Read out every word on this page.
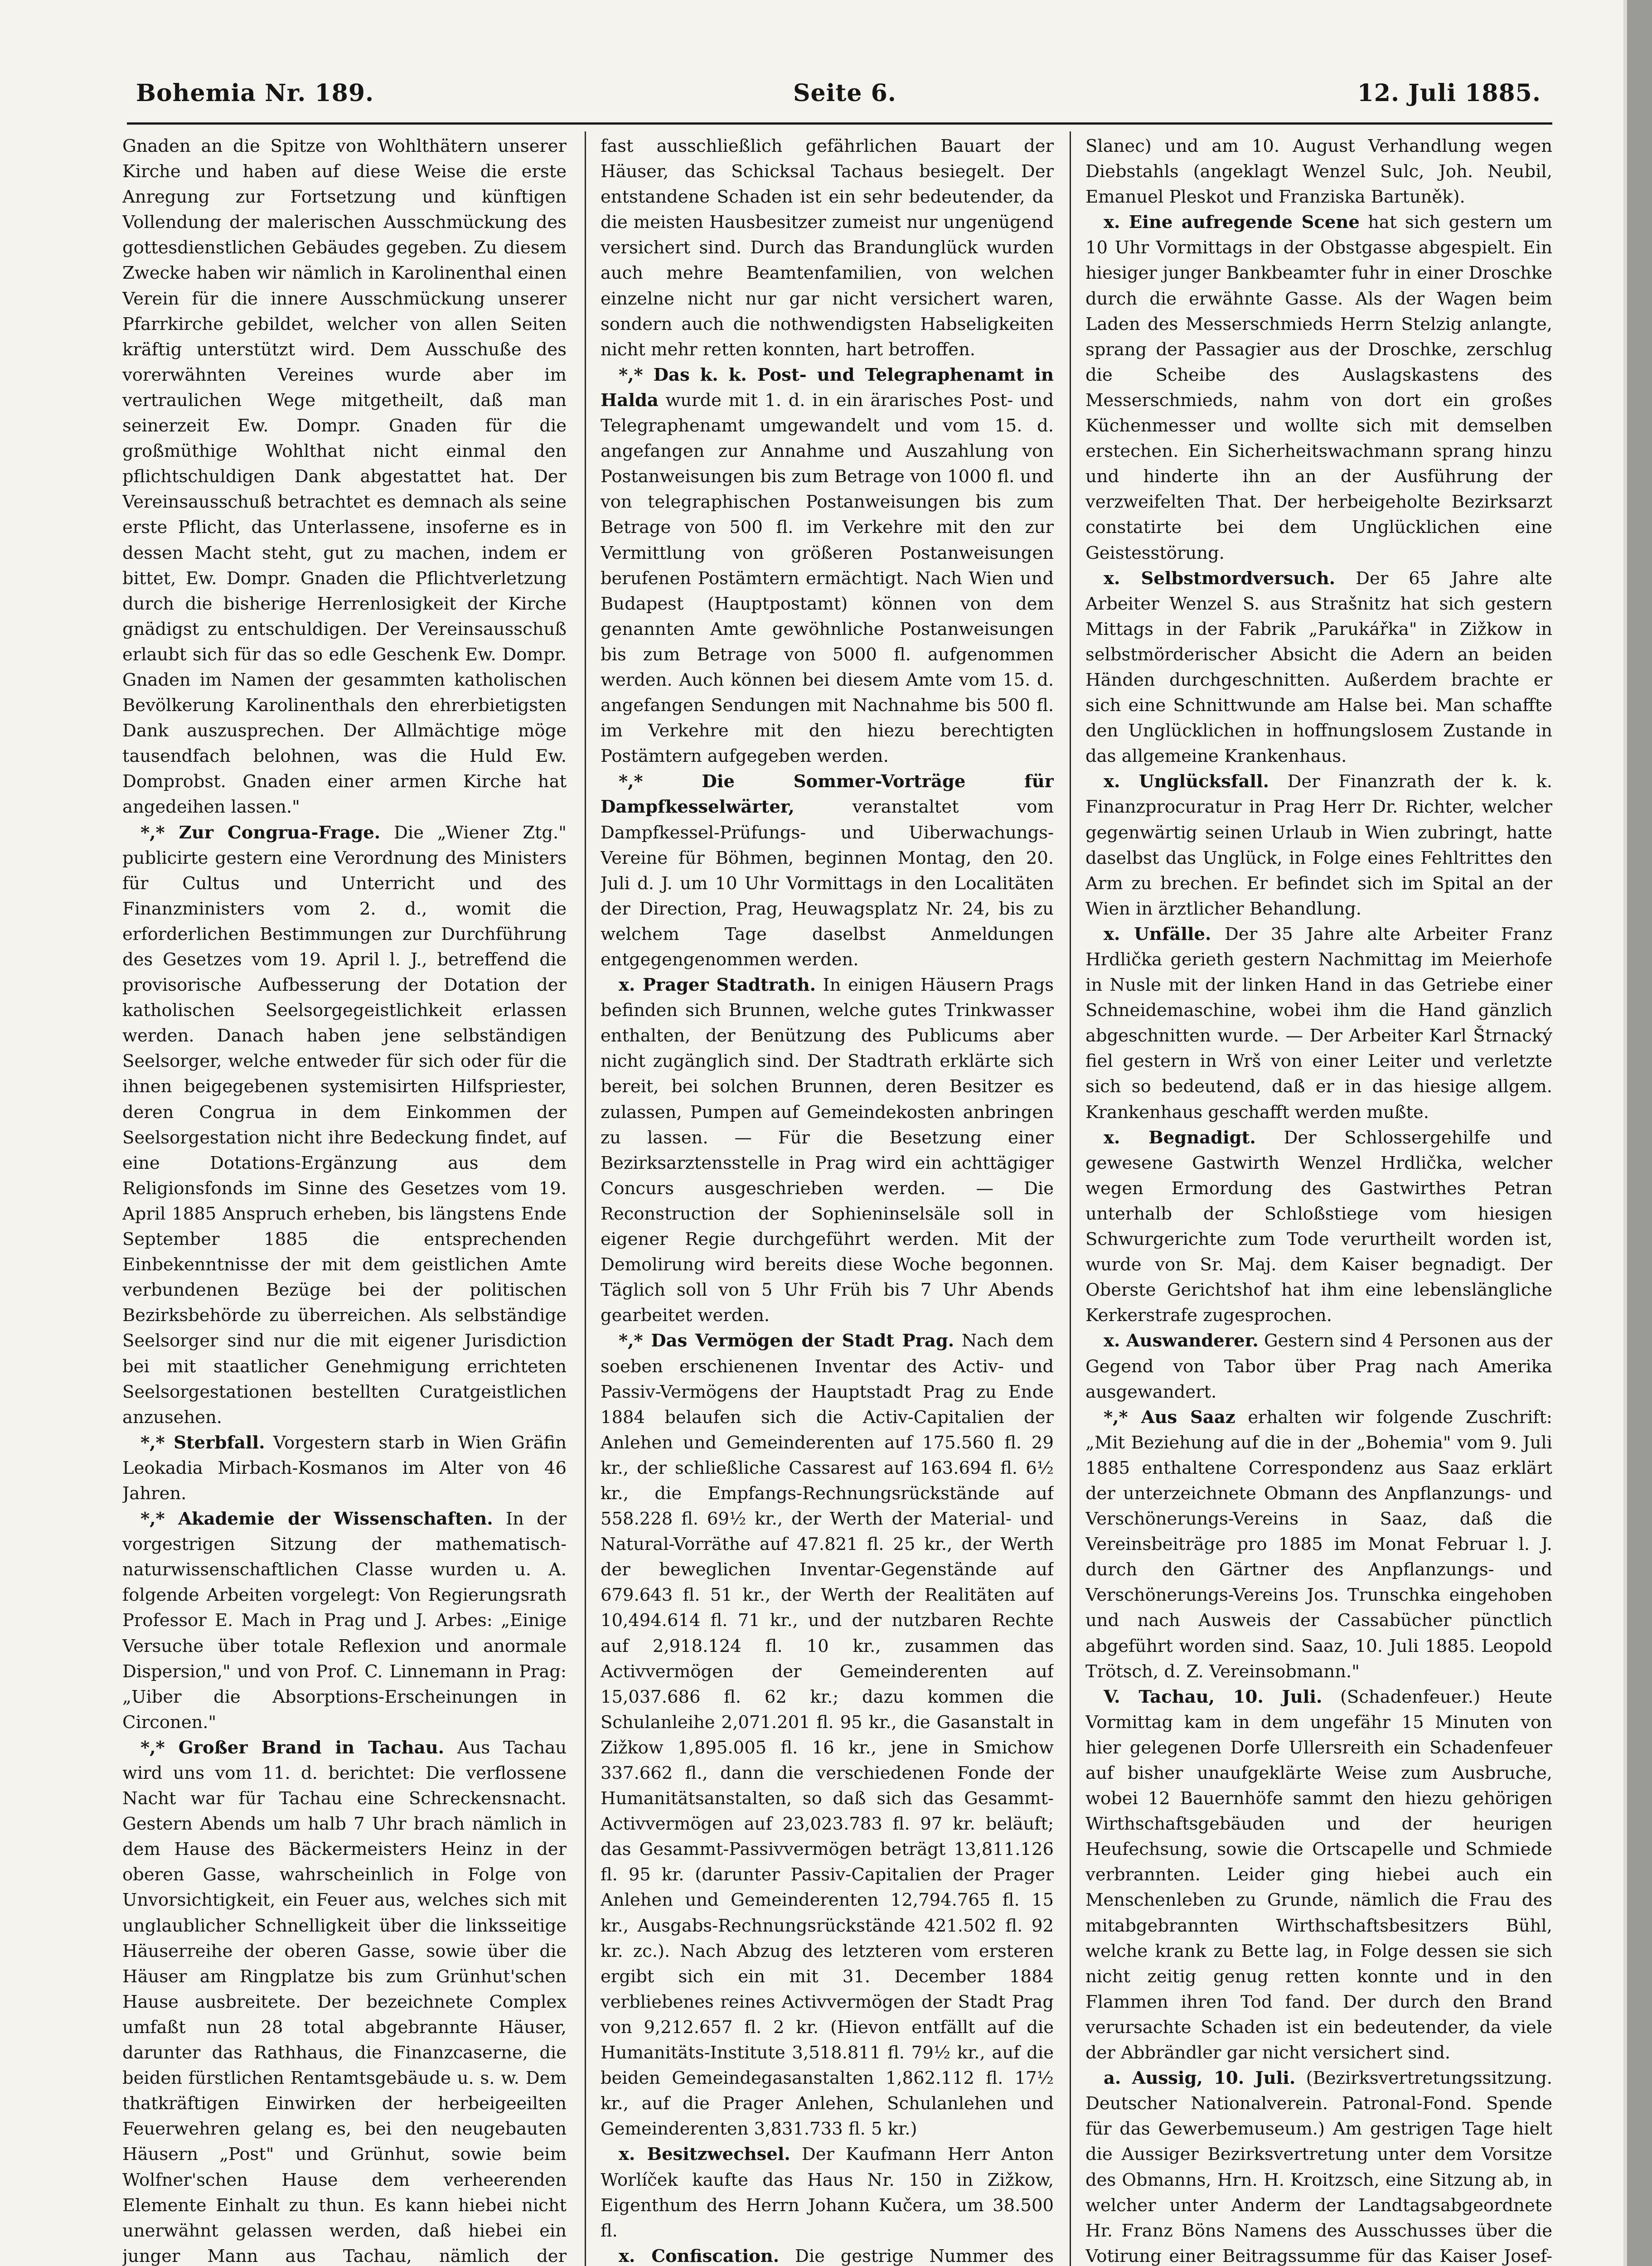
Bohemia Nr. 189.	Seite 6.	12. Juli 1885.

Gnaden an die Spitze von Wohlthätern unserer Kirche und haben auf diese Weise die erste Anregung zur Fortsetzung und künftigen Vollendung der malerischen Ausschmückung des gottesdienstlichen Gebäudes gegeben. Zu diesem Zwecke haben wir nämlich in Karolinenthal einen Verein für die innere Ausschmückung unserer Pfarrkirche gebildet, welcher von allen Seiten kräftig unterstützt wird. Dem Ausschuße des vorerwähnten Vereines wurde aber im vertraulichen Wege mitgetheilt, daß man seinerzeit Ew. Dompr. Gnaden für die großmüthige Wohlthat nicht einmal den pflichtschuldigen Dank abgestattet hat. Der Vereinsausschuß betrachtet es demnach als seine erste Pflicht, das Unterlassene, insoferne es in dessen Macht steht, gut zu machen, indem er bittet, Ew. Dompr. Gnaden die Pflichtverletzung durch die bisherige Herrenlosigkeit der Kirche gnädigst zu entschuldigen. Der Vereinsausschuß erlaubt sich für das so edle Geschenk Ew. Dompr. Gnaden im Namen der gesammten katholischen Bevölkerung Karolinenthals den ehrerbietigsten Dank auszusprechen. Der Allmächtige möge tausendfach belohnen, was die Huld Ew. Domprobst. Gnaden einer armen Kirche hat angedeihen lassen."

*,* Zur Congrua-Frage. Die „Wiener Ztg." publicirte gestern eine Verordnung des Ministers für Cultus und Unterricht und des Finanzministers vom 2. d., womit die erforderlichen Bestimmungen zur Durchführung des Gesetzes vom 19. April l. J., betreffend die provisorische Aufbesserung der Dotation der katholischen Seelsorgegeistlichkeit erlassen werden. Danach haben jene selbständigen Seelsorger, welche entweder für sich oder für die ihnen beigegebenen systemisirten Hilfspriester, deren Congrua in dem Einkommen der Seelsorgestation nicht ihre Bedeckung findet, auf eine Dotations-Ergänzung aus dem Religionsfonds im Sinne des Gesetzes vom 19. April 1885 Anspruch erheben, bis längstens Ende September 1885 die entsprechenden Einbekenntnisse der mit dem geistlichen Amte verbundenen Bezüge bei der politischen Bezirksbehörde zu überreichen. Als selbständige Seelsorger sind nur die mit eigener Jurisdiction bei mit staatlicher Genehmigung errichteten Seelsorgestationen bestellten Curatgeistlichen anzusehen.

*,* Sterbfall. Vorgestern starb in Wien Gräfin Leokadia Mirbach-Kosmanos im Alter von 46 Jahren.

*,* Akademie der Wissenschaften. In der vorgestrigen Sitzung der mathematisch-naturwissenschaftlichen Classe wurden u. A. folgende Arbeiten vorgelegt: Von Regierungsrath Professor E. Mach in Prag und J. Arbes: „Einige Versuche über totale Reflexion und anormale Dispersion," und von Prof. C. Linnemann in Prag: „Uiber die Absorptions-Erscheinungen in Circonen."

*,* Großer Brand in Tachau. Aus Tachau wird uns vom 11. d. berichtet: Die verflossene Nacht war für Tachau eine Schreckensnacht. Gestern Abends um halb 7 Uhr brach nämlich in dem Hause des Bäckermeisters Heinz in der oberen Gasse, wahrscheinlich in Folge von Unvorsichtigkeit, ein Feuer aus, welches sich mit unglaublicher Schnelligkeit über die linksseitige Häuserreihe der oberen Gasse, sowie über die Häuser am Ringplatze bis zum Grünhut'schen Hause ausbreitete. Der bezeichnete Complex umfaßt nun 28 total abgebrannte Häuser, darunter das Rathhaus, die Finanzcaserne, die beiden fürstlichen Rentamtsgebäude u. s. w. Dem thatkräftigen Einwirken der herbeigeeilten Feuerwehren gelang es, bei den neugebauten Häusern „Post" und Grünhut, sowie beim Wolfner'schen Hause dem verheerenden Elemente Einhalt zu thun. Es kann hiebei nicht unerwähnt gelassen werden, daß hiebei ein junger Mann aus Tachau, nämlich der

fast ausschließlich gefährlichen Bauart der Häuser, das Schicksal Tachaus besiegelt. Der entstandene Schaden ist ein sehr bedeutender, da die meisten Hausbesitzer zumeist nur ungenügend versichert sind. Durch das Brandunglück wurden auch mehre Beamtenfamilien, von welchen einzelne nicht nur gar nicht versichert waren, sondern auch die nothwendigsten Habseligkeiten nicht mehr retten konnten, hart betroffen.

*,* Das k. k. Post- und Telegraphenamt in Halda wurde mit 1. d. in ein ärarisches Post- und Telegraphenamt umgewandelt und vom 15. d. angefangen zur Annahme und Auszahlung von Postanweisungen bis zum Betrage von 1000 fl. und von telegraphischen Postanweisungen bis zum Betrage von 500 fl. im Verkehre mit den zur Vermittlung von größeren Postanweisungen berufenen Postämtern ermächtigt. Nach Wien und Budapest (Hauptpostamt) können von dem genannten Amte gewöhnliche Postanweisungen bis zum Betrage von 5000 fl. aufgenommen werden. Auch können bei diesem Amte vom 15. d. angefangen Sendungen mit Nachnahme bis 500 fl. im Verkehre mit den hiezu berechtigten Postämtern aufgegeben werden.

*,* Die Sommer-Vorträge für Dampfkesselwärter, veranstaltet vom Dampfkessel-Prüfungs- und Uiberwachungs-Vereine für Böhmen, beginnen Montag, den 20. Juli d. J. um 10 Uhr Vormittags in den Localitäten der Direction, Prag, Heuwagsplatz Nr. 24, bis zu welchem Tage daselbst Anmeldungen entgegengenommen werden.

x. Prager Stadtrath. In einigen Häusern Prags befinden sich Brunnen, welche gutes Trinkwasser enthalten, der Benützung des Publicums aber nicht zugänglich sind. Der Stadtrath erklärte sich bereit, bei solchen Brunnen, deren Besitzer es zulassen, Pumpen auf Gemeindekosten anbringen zu lassen. — Für die Besetzung einer Bezirksarztensstelle in Prag wird ein achttägiger Concurs ausgeschrieben werden. — Die Reconstruction der Sophieninselsäle soll in eigener Regie durchgeführt werden. Mit der Demolirung wird bereits diese Woche begonnen. Täglich soll von 5 Uhr Früh bis 7 Uhr Abends gearbeitet werden.

*,* Das Vermögen der Stadt Prag. Nach dem soeben erschienenen Inventar des Activ- und Passiv-Vermögens der Hauptstadt Prag zu Ende 1884 belaufen sich die Activ-Capitalien der Anlehen und Gemeinderenten auf 175.560 fl. 29 kr., der schließliche Cassarest auf 163.694 fl. 6½ kr., die Empfangs-Rechnungsrückstände auf 558.228 fl. 69½ kr., der Werth der Material- und Natural-Vorräthe auf 47.821 fl. 25 kr., der Werth der beweglichen Inventar-Gegenstände auf 679.643 fl. 51 kr., der Werth der Realitäten auf 10,494.614 fl. 71 kr., und der nutzbaren Rechte auf 2,918.124 fl. 10 kr., zusammen das Activvermögen der Gemeinderenten auf 15,037.686 fl. 62 kr.; dazu kommen die Schulanleihe 2,071.201 fl. 95 kr., die Gasanstalt in Zižkow 1,895.005 fl. 16 kr., jene in Smichow 337.662 fl., dann die verschiedenen Fonde der Humanitätsanstalten, so daß sich das Gesammt-Activvermögen auf 23,023.783 fl. 97 kr. beläuft; das Gesammt-Passivvermögen beträgt 13,811.126 fl. 95 kr. (darunter Passiv-Capitalien der Prager Anlehen und Gemeinderenten 12,794.765 fl. 15 kr., Ausgabs-Rechnungsrückstände 421.502 fl. 92 kr. zc.). Nach Abzug des letzteren vom ersteren ergibt sich ein mit 31. December 1884 verbliebenes reines Activvermögen der Stadt Prag von 9,212.657 fl. 2 kr. (Hievon entfällt auf die Humanitäts-Institute 3,518.811 fl. 79½ kr., auf die beiden Gemeindegasanstalten 1,862.112 fl. 17½ kr., auf die Prager Anlehen, Schulanlehen und Gemeinderenten 3,831.733 fl. 5 kr.)

x. Besitzwechsel. Der Kaufmann Herr Anton Worlíček kaufte das Haus Nr. 150 in Zižkow, Eigenthum des Herrn Johann Kučera, um 38.500 fl.

x. Confiscation. Die gestrige Nummer des

Slanec) und am 10. August Verhandlung wegen Diebstahls (angeklagt Wenzel Sulc, Joh. Neubil, Emanuel Pleskot und Franziska Bartuněk).

x. Eine aufregende Scene hat sich gestern um 10 Uhr Vormittags in der Obstgasse abgespielt. Ein hiesiger junger Bankbeamter fuhr in einer Droschke durch die erwähnte Gasse. Als der Wagen beim Laden des Messerschmieds Herrn Stelzig anlangte, sprang der Passagier aus der Droschke, zerschlug die Scheibe des Auslagskastens des Messerschmieds, nahm von dort ein großes Küchenmesser und wollte sich mit demselben erstechen. Ein Sicherheitswachmann sprang hinzu und hinderte ihn an der Ausführung der verzweifelten That. Der herbeigeholte Bezirksarzt constatirte bei dem Unglücklichen eine Geistesstörung.

x. Selbstmordversuch. Der 65 Jahre alte Arbeiter Wenzel S. aus Strašnitz hat sich gestern Mittags in der Fabrik „Parukářka" in Zižkow in selbstmörderischer Absicht die Adern an beiden Händen durchgeschnitten. Außerdem brachte er sich eine Schnittwunde am Halse bei. Man schaffte den Unglücklichen in hoffnungslosem Zustande in das allgemeine Krankenhaus.

x. Unglücksfall. Der Finanzrath der k. k. Finanzprocuratur in Prag Herr Dr. Richter, welcher gegenwärtig seinen Urlaub in Wien zubringt, hatte daselbst das Unglück, in Folge eines Fehltrittes den Arm zu brechen. Er befindet sich im Spital an der Wien in ärztlicher Behandlung.

x. Unfälle. Der 35 Jahre alte Arbeiter Franz Hrdlička gerieth gestern Nachmittag im Meierhofe in Nusle mit der linken Hand in das Getriebe einer Schneidemaschine, wobei ihm die Hand gänzlich abgeschnitten wurde. — Der Arbeiter Karl Štrnacký fiel gestern in Wrš von einer Leiter und verletzte sich so bedeutend, daß er in das hiesige allgem. Krankenhaus geschafft werden mußte.

x. Begnadigt. Der Schlossergehilfe und gewesene Gastwirth Wenzel Hrdlička, welcher wegen Ermordung des Gastwirthes Petran unterhalb der Schloßstiege vom hiesigen Schwurgerichte zum Tode verurtheilt worden ist, wurde von Sr. Maj. dem Kaiser begnadigt. Der Oberste Gerichtshof hat ihm eine lebenslängliche Kerkerstrafe zugesprochen.

x. Auswanderer. Gestern sind 4 Personen aus der Gegend von Tabor über Prag nach Amerika ausgewandert.

*,* Aus Saaz erhalten wir folgende Zuschrift: „Mit Beziehung auf die in der „Bohemia" vom 9. Juli 1885 enthaltene Correspondenz aus Saaz erklärt der unterzeichnete Obmann des Anpflanzungs- und Verschönerungs-Vereins in Saaz, daß die Vereinsbeiträge pro 1885 im Monat Februar l. J. durch den Gärtner des Anpflanzungs- und Verschönerungs-Vereins Jos. Trunschka eingehoben und nach Ausweis der Cassabücher pünctlich abgeführt worden sind. Saaz, 10. Juli 1885. Leopold Trötsch, d. Z. Vereinsobmann."

V. Tachau, 10. Juli. (Schadenfeuer.) Heute Vormittag kam in dem ungefähr 15 Minuten von hier gelegenen Dorfe Ullersreith ein Schadenfeuer auf bisher unaufgeklärte Weise zum Ausbruche, wobei 12 Bauernhöfe sammt den hiezu gehörigen Wirthschaftsgebäuden und der heurigen Heufechsung, sowie die Ortscapelle und Schmiede verbrannten. Leider ging hiebei auch ein Menschenleben zu Grunde, nämlich die Frau des mitabgebrannten Wirthschaftsbesitzers Bühl, welche krank zu Bette lag, in Folge dessen sie sich nicht zeitig genug retten konnte und in den Flammen ihren Tod fand. Der durch den Brand verursachte Schaden ist ein bedeutender, da viele der Abbrändler gar nicht versichert sind.

a. Aussig, 10. Juli. (Bezirksvertretungssitzung. Deutscher Nationalverein. Patronal-Fond. Spende für das Gewerbemuseum.) Am gestrigen Tage hielt die Aussiger Bezirksvertretung unter dem Vorsitze des Obmanns, Hrn. H. Kroitzsch, eine Sitzung ab, in welcher unter Anderm der Landtagsabgeordnete Hr. Franz Böns Namens des Ausschusses über die Votirung einer Beitragssumme für das Kaiser Josef-
